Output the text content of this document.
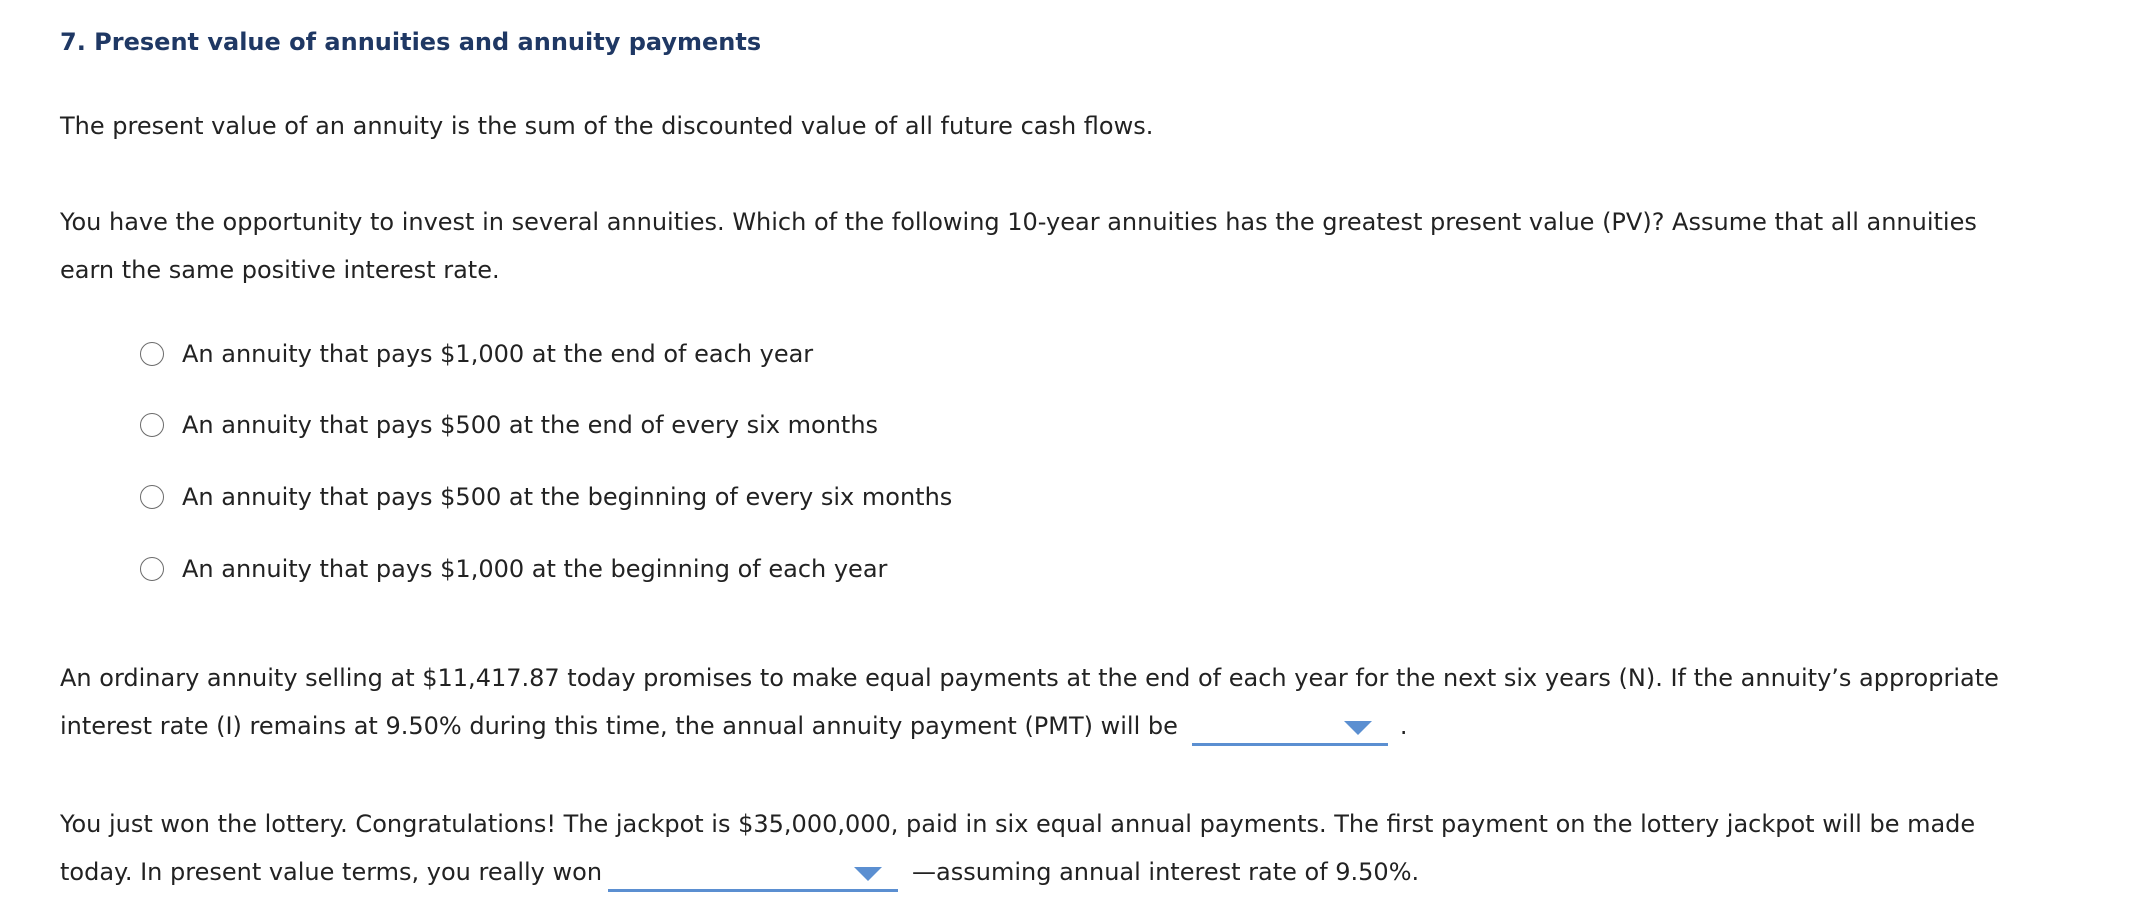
7. Present value of annuities and annuity payments
The present value of an annuity is the sum of the discounted value of all future cash flows.
You have the opportunity to invest in several annuities. Which of the following 10-year annuities has the greatest present value (PV)? Assume that all annuities earn the same positive interest rate.
An annuity that pays $1,000 at the end of each year
An annuity that pays $500 at the end of every six months
An annuity that pays $500 at the beginning of every six months
An annuity that pays $1,000 at the beginning of each year
An ordinary annuity selling at $11,417.87 today promises to make equal payments at the end of each year for the next six years (N). If the annuity’s appropriate interest rate (I) remains at 9.50% during this time, the annual annuity payment (PMT) will be	.
You just won the lottery. Congratulations! The jackpot is $35,000,000, paid in six equal annual payments. The first payment on the lottery jackpot will be made today. In present value terms, you really won	—assuming annual interest rate of 9.50%.
